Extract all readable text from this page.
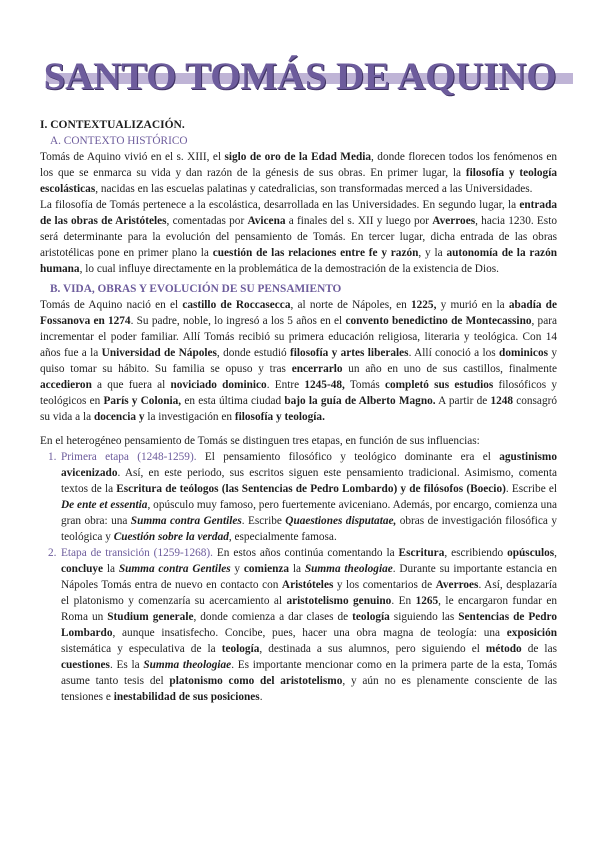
SANTO TOMÁS DE AQUINO

I. CONTEXTUALIZACIÓN.

A. CONTEXTO HISTÓRICO

Tomás de Aquino vivió en el s. XIII, el siglo de oro de la Edad Media, donde florecen todos los fenómenos en los que se enmarca su vida y dan razón de la génesis de sus obras. En primer lugar, la filosofía y teología escolásticas, nacidas en las escuelas palatinas y catedralicias, son transformadas merced a las Universidades.

La filosofía de Tomás pertenece a la escolástica, desarrollada en las Universidades. En segundo lugar, la entrada de las obras de Aristóteles, comentadas por Avicena a finales del s. XII y luego por Averroes, hacia 1230. Esto será determinante para la evolución del pensamiento de Tomás. En tercer lugar, dicha entrada de las obras aristotélicas pone en primer plano la cuestión de las relaciones entre fe y razón, y la autonomía de la razón humana, lo cual influye directamente en la problemática de la demostración de la existencia de Dios.

B. VIDA, OBRAS Y EVOLUCIÓN DE SU PENSAMIENTO

Tomás de Aquino nació en el castillo de Roccasecca, al norte de Nápoles, en 1225, y murió en la abadía de Fossanova en 1274. Su padre, noble, lo ingresó a los 5 años en el convento benedictino de Montecassino, para incrementar el poder familiar. Allí Tomás recibió su primera educación religiosa, literaria y teológica. Con 14 años fue a la Universidad de Nápoles, donde estudió filosofía y artes liberales. Allí conoció a los dominicos y quiso tomar su hábito. Su familia se opuso y tras encerrarlo un año en uno de sus castillos, finalmente accedieron a que fuera al noviciado dominico. Entre 1245-48, Tomás completó sus estudios filosóficos y teológicos en París y Colonia, en esta última ciudad bajo la guía de Alberto Magno. A partir de 1248 consagró su vida a la docencia y la investigación en filosofía y teología.

En el heterogéneo pensamiento de Tomás se distinguen tres etapas, en función de sus influencias:

1. Primera etapa (1248-1259). El pensamiento filosófico y teológico dominante era el agustinismo avicenizado. Así, en este periodo, sus escritos siguen este pensamiento tradicional. Asimismo, comenta textos de la Escritura de teólogos (las Sentencias de Pedro Lombardo) y de filósofos (Boecio). Escribe el De ente et essentia, opúsculo muy famoso, pero fuertemente aviceniano. Además, por encargo, comienza una gran obra: una Summa contra Gentiles. Escribe Quaestiones disputatae, obras de investigación filosófica y teológica y Cuestión sobre la verdad, especialmente famosa.
2. Etapa de transición (1259-1268). En estos años continúa comentando la Escritura, escribiendo opúsculos, concluye la Summa contra Gentiles y comienza la Summa theologiae. Durante su importante estancia en Nápoles Tomás entra de nuevo en contacto con Aristóteles y los comentarios de Averroes. Así, desplazaría el platonismo y comenzaría su acercamiento al aristotelismo genuino. En 1265, le encargaron fundar en Roma un Studium generale, donde comienza a dar clases de teología siguiendo las Sentencias de Pedro Lombardo, aunque insatisfecho. Concibe, pues, hacer una obra magna de teología: una exposición sistemática y especulativa de la teología, destinada a sus alumnos, pero siguiendo el método de las cuestiones. Es la Summa theologiae. Es importante mencionar como en la primera parte de la esta, Tomás asume tanto tesis del platonismo como del aristotelismo, y aún no es plenamente consciente de las tensiones e inestabilidad de sus posiciones.
